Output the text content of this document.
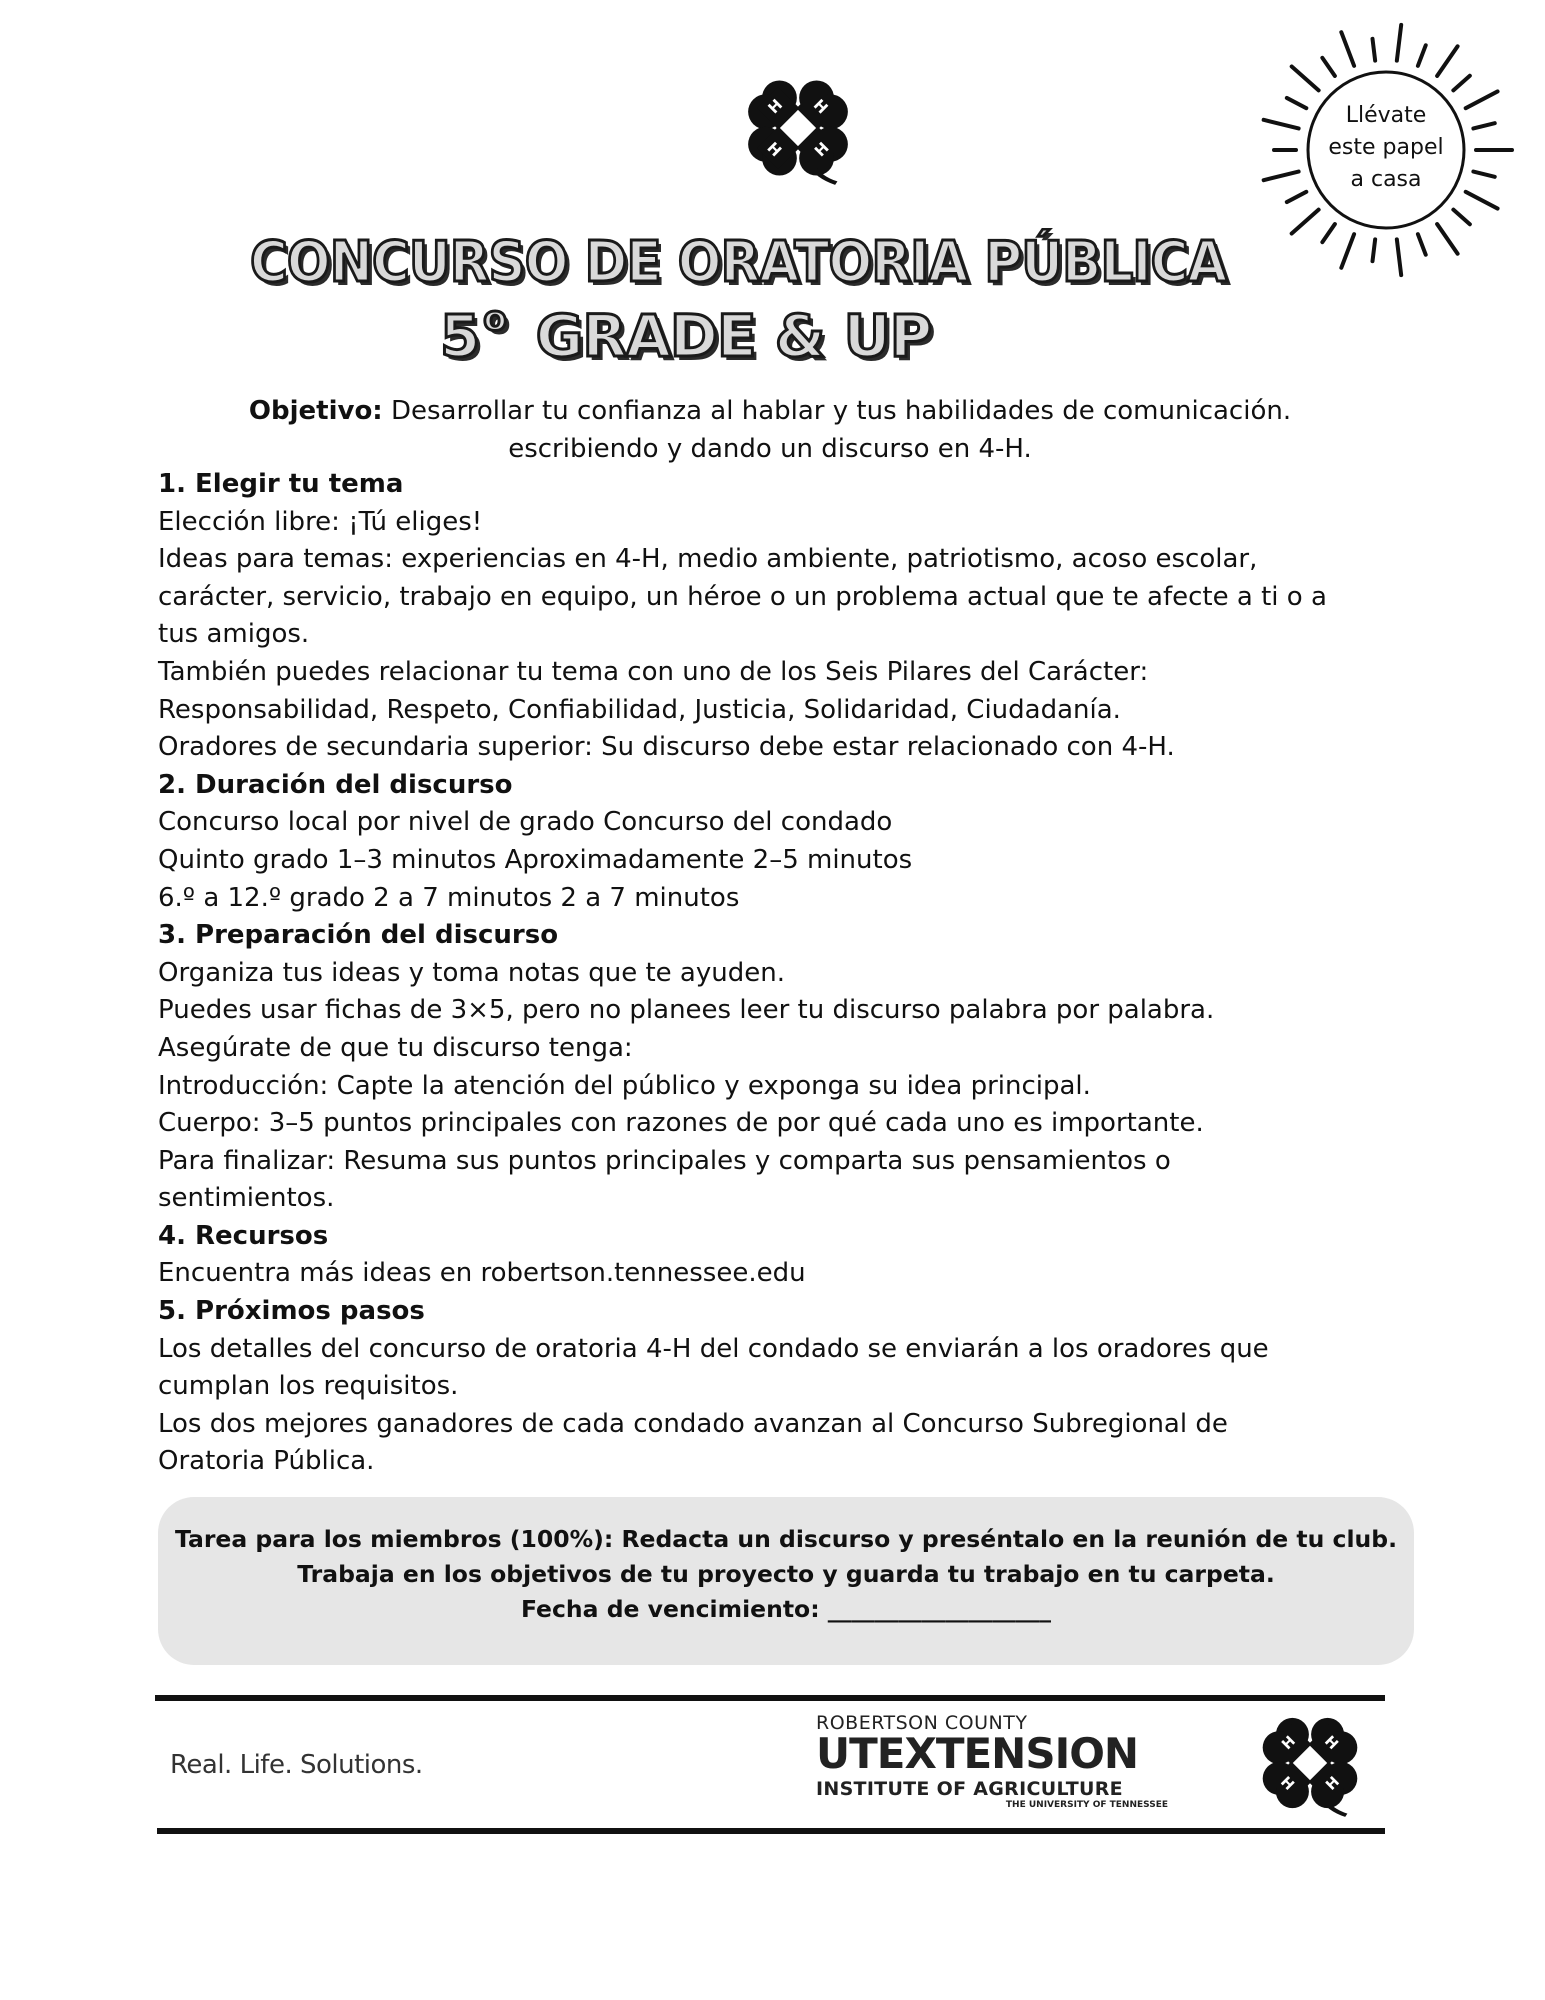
H H
H H
Llévate
este papel
a casa
CONCURSO DE ORATORIA PÚBLICA
5 $^o$ GRADE & UP
Objetivo: Desarrollar tu confianza al hablar y tus habilidades de comunicación.
escribiendo y dando un discurso en 4-H.
1. Elegir tu tema
Elección libre: ¡Tú eliges!
Ideas para temas: experiencias en 4-H, medio ambiente, patriotismo, acoso escolar,
carácter, servicio, trabajo en equipo, un héroe o un problema actual que te afecte a ti o a
tus amigos.
También puedes relacionar tu tema con uno de los Seis Pilares del Carácter:
Responsabilidad, Respeto, Confiabilidad, Justicia, Solidaridad, Ciudadanía.
Oradores de secundaria superior: Su discurso debe estar relacionado con 4-H.
2. Duración del discurso
Concurso local por nivel de grado Concurso del condado
Quinto grado 1–3 minutos Aproximadamente 2–5 minutos
6.º a 12.º grado 2 a 7 minutos 2 a 7 minutos
3. Preparación del discurso
Organiza tus ideas y toma notas que te ayuden.
Puedes usar fichas de 3×5, pero no planees leer tu discurso palabra por palabra.
Asegúrate de que tu discurso tenga:
Introducción: Capte la atención del público y exponga su idea principal.
Cuerpo: 3–5 puntos principales con razones de por qué cada uno es importante.
Para finalizar: Resuma sus puntos principales y comparta sus pensamientos o
sentimientos.
4. Recursos
Encuentra más ideas en robertson.tennessee.edu
5. Próximos pasos
Los detalles del concurso de oratoria 4-H del condado se enviarán a los oradores que
cumplan los requisitos.
Los dos mejores ganadores de cada condado avanzan al Concurso Subregional de
Oratoria Pública.
Tarea para los miembros (100%): Redacta un discurso y preséntalo en la reunión de tu club.
Trabaja en los objetivos de tu proyecto y guarda tu trabajo en tu carpeta.
Fecha de vencimiento: ___________________
Real. Life. Solutions.
ROBERTSON COUNTY
UTEXTENSION
INSTITUTE OF AGRICULTURE
THE UNIVERSITY OF TENNESSEE
H H
H H
